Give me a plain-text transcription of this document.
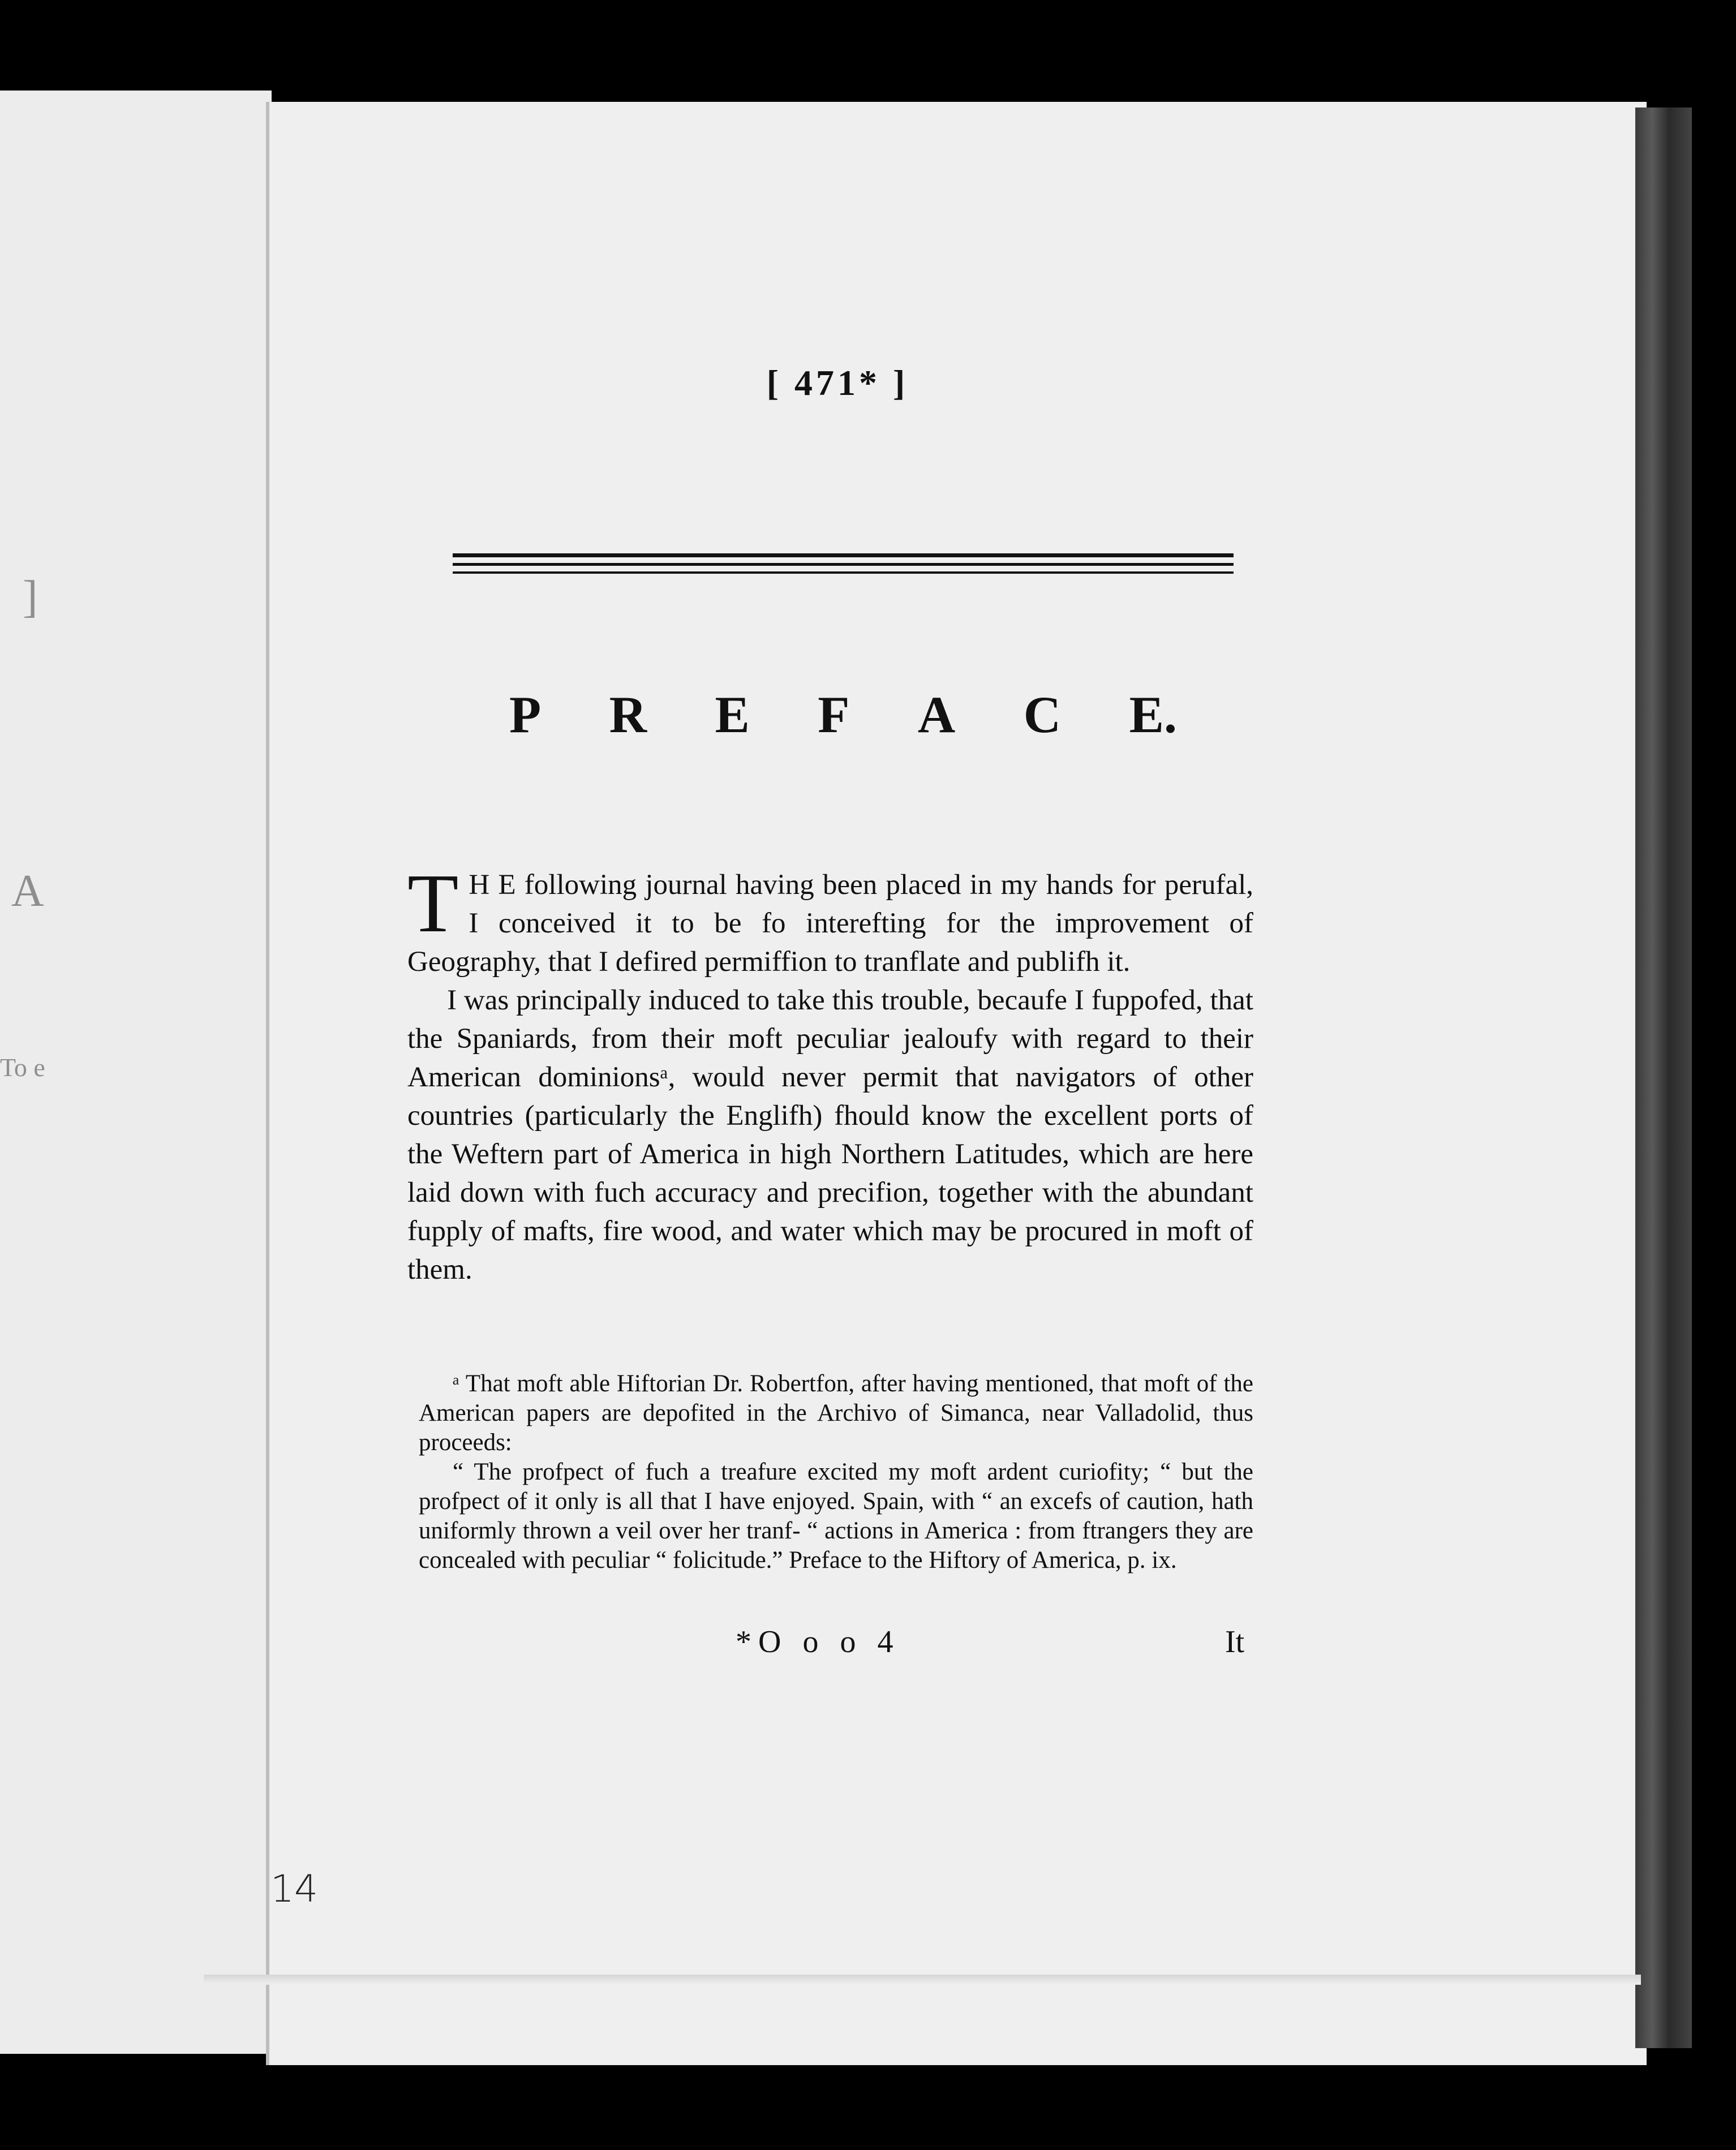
]
A
To e
[ 471* ]
P R E F A C E.

T H E following journal having been placed in my hands for perufal, I conceived it to be fo interefting for the improvement of Geography, that I defired permiffion to tranflate and publifh it.

I was principally induced to take this trouble, becaufe I fuppofed, that the Spaniards, from their moft peculiar jealoufy with regard to their American dominionsᵃ, would never permit that navigators of other countries (particularly the Englifh) fhould know the excellent ports of the Weftern part of America in high Northern Latitudes, which are here laid down with fuch accuracy and precifion, together with the abundant fupply of mafts, fire wood, and water which may be procured in moft of them.

ᵃ That moft able Hiftorian Dr. Robertfon, after having mentioned, that moft of the American papers are depofited in the Archivo of Simanca, near Valladolid, thus proceeds:

“ The profpect of fuch a treafure excited my moft ardent curiofity; “ but the profpect of it only is all that I have enjoyed. Spain, with “ an excefs of caution, hath uniformly thrown a veil over her tranf- “ actions in America : from ftrangers they are concealed with peculiar “ folicitude.” Preface to the Hiftory of America, p. ix.

*O o o 4	It
14
